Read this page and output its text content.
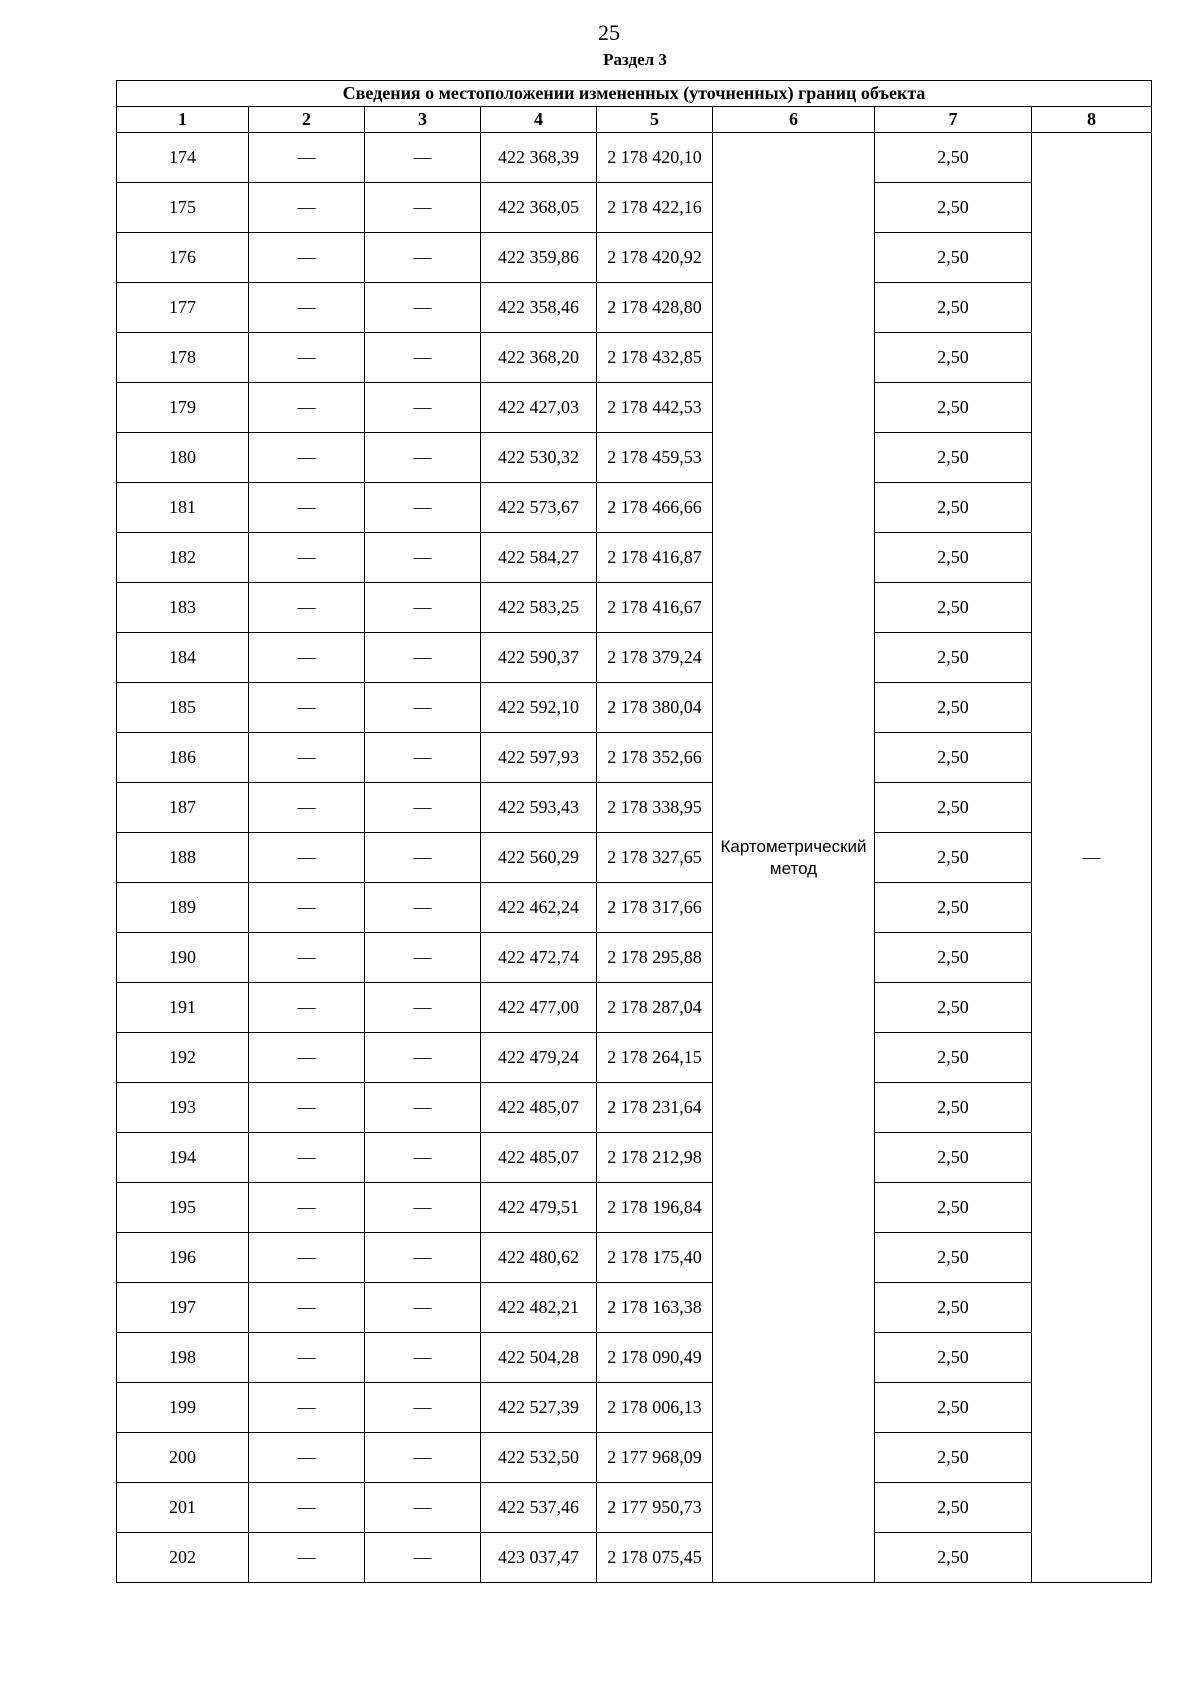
25
Раздел 3
Сведения о местоположении измененных (уточненных) границ объекта							
1	2	3	4	5	6	7	8
174	—	—	422 368,39	2 178 420,10	Картометрический метод	2,50	—
175	—	—	422 368,05	2 178 422,16		2,50	
176	—	—	422 359,86	2 178 420,92		2,50	
177	—	—	422 358,46	2 178 428,80		2,50	
178	—	—	422 368,20	2 178 432,85		2,50	
179	—	—	422 427,03	2 178 442,53		2,50	
180	—	—	422 530,32	2 178 459,53		2,50	
181	—	—	422 573,67	2 178 466,66		2,50	
182	—	—	422 584,27	2 178 416,87		2,50	
183	—	—	422 583,25	2 178 416,67		2,50	
184	—	—	422 590,37	2 178 379,24		2,50	
185	—	—	422 592,10	2 178 380,04		2,50	
186	—	—	422 597,93	2 178 352,66		2,50	
187	—	—	422 593,43	2 178 338,95		2,50	
188	—	—	422 560,29	2 178 327,65		2,50	
189	—	—	422 462,24	2 178 317,66		2,50	
190	—	—	422 472,74	2 178 295,88		2,50	
191	—	—	422 477,00	2 178 287,04		2,50	
192	—	—	422 479,24	2 178 264,15		2,50	
193	—	—	422 485,07	2 178 231,64		2,50	
194	—	—	422 485,07	2 178 212,98		2,50	
195	—	—	422 479,51	2 178 196,84		2,50	
196	—	—	422 480,62	2 178 175,40		2,50	
197	—	—	422 482,21	2 178 163,38		2,50	
198	—	—	422 504,28	2 178 090,49		2,50	
199	—	—	422 527,39	2 178 006,13		2,50	
200	—	—	422 532,50	2 177 968,09		2,50	
201	—	—	422 537,46	2 177 950,73		2,50	
202	—	—	423 037,47	2 178 075,45		2,50	
